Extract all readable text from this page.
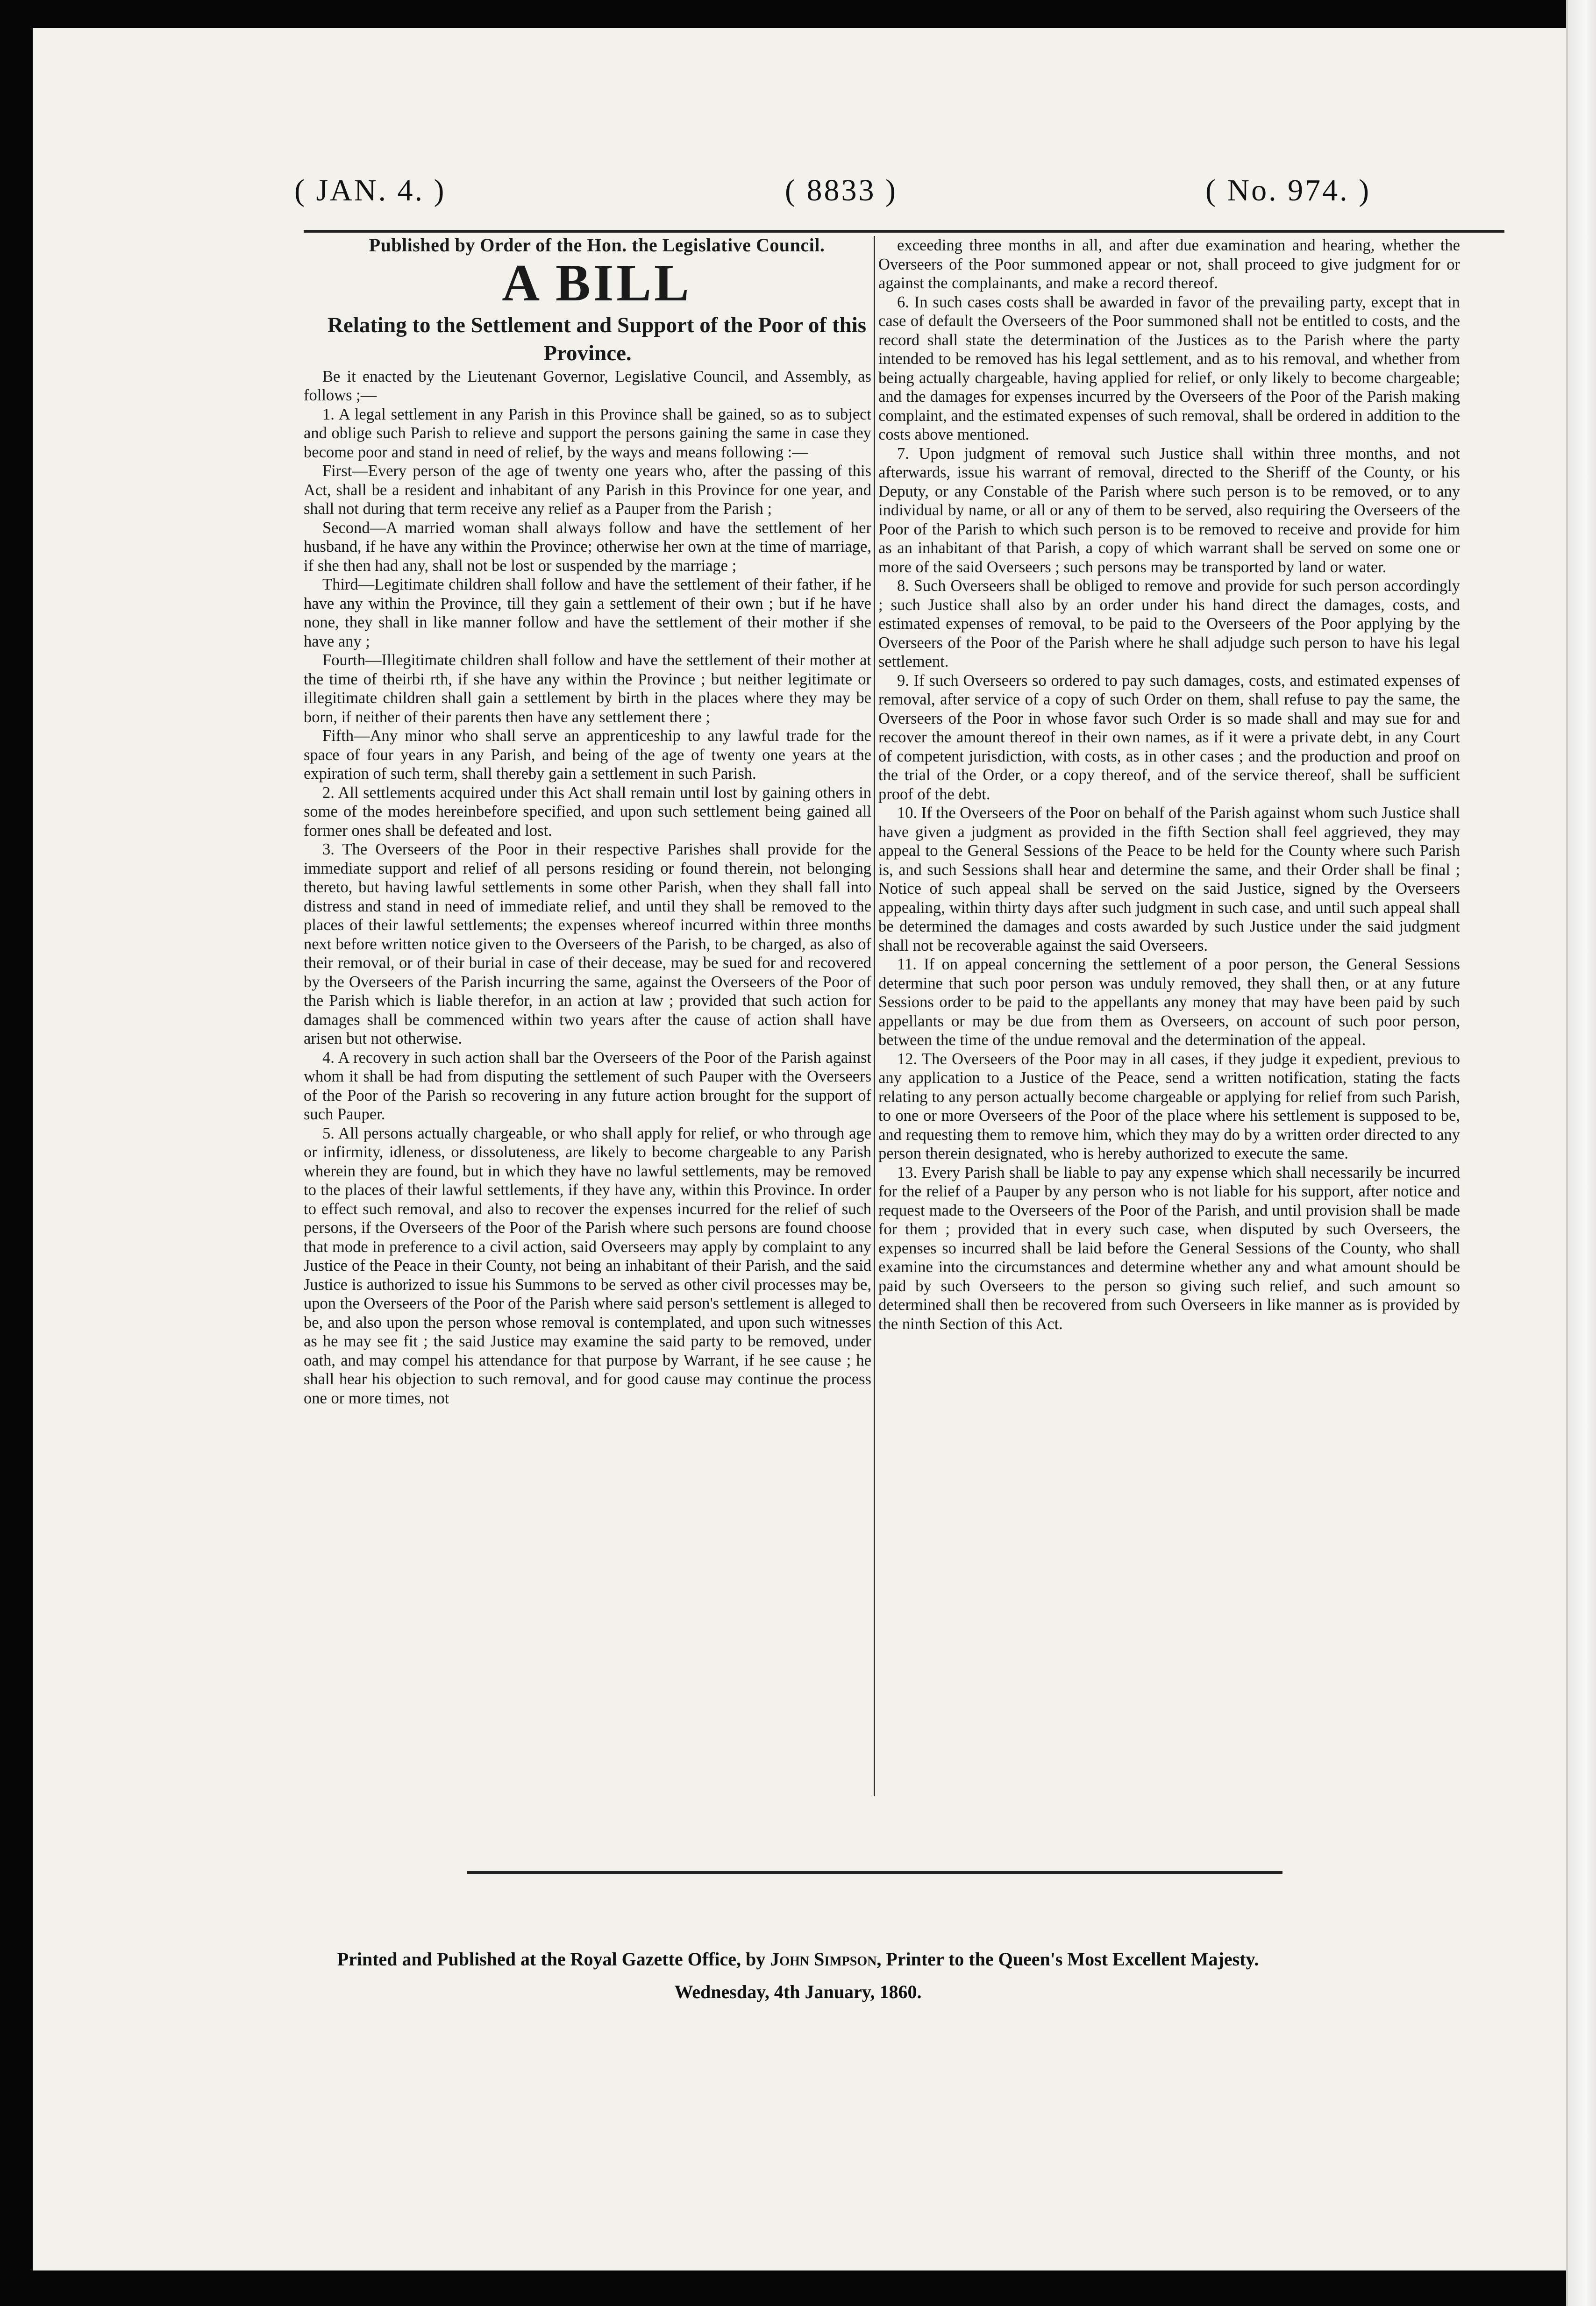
( JAN. 4. )	( 8833 )	( No. 974. )

Published by Order of the Hon. the Legislative Council.

A BILL

Relating to the Settlement and Support of the Poor of this Province.

Be it enacted by the Lieutenant Governor, Legislative Council, and Assembly, as follows ;—

1. A legal settlement in any Parish in this Province shall be gained, so as to subject and oblige such Parish to relieve and support the persons gaining the same in case they become poor and stand in need of relief, by the ways and means following :—

First—Every person of the age of twenty one years who, after the passing of this Act, shall be a resident and inhabitant of any Parish in this Province for one year, and shall not during that term receive any relief as a Pauper from the Parish ;

Second—A married woman shall always follow and have the settlement of her husband, if he have any within the Province; otherwise her own at the time of marriage, if she then had any, shall not be lost or suspended by the marriage ;

Third—Legitimate children shall follow and have the settlement of their father, if he have any within the Province, till they gain a settlement of their own ; but if he have none, they shall in like manner follow and have the settlement of their mother if she have any ;

Fourth—Illegitimate children shall follow and have the settlement of their mother at the time of theirbi rth, if she have any within the Province ; but neither legitimate or illegitimate children shall gain a settlement by birth in the places where they may be born, if neither of their parents then have any settlement there ;

Fifth—Any minor who shall serve an apprenticeship to any lawful trade for the space of four years in any Parish, and being of the age of twenty one years at the expiration of such term, shall thereby gain a settlement in such Parish.

2. All settlements acquired under this Act shall remain until lost by gaining others in some of the modes hereinbefore specified, and upon such settlement being gained all former ones shall be defeated and lost.

3. The Overseers of the Poor in their respective Parishes shall provide for the immediate support and relief of all persons residing or found therein, not belonging thereto, but having lawful settlements in some other Parish, when they shall fall into distress and stand in need of immediate relief, and until they shall be removed to the places of their lawful settlements; the expenses whereof incurred within three months next before written notice given to the Overseers of the Parish, to be charged, as also of their removal, or of their burial in case of their decease, may be sued for and recovered by the Overseers of the Parish incurring the same, against the Overseers of the Poor of the Parish which is liable therefor, in an action at law ; provided that such action for damages shall be commenced within two years after the cause of action shall have arisen but not otherwise.

4. A recovery in such action shall bar the Overseers of the Poor of the Parish against whom it shall be had from disputing the settlement of such Pauper with the Overseers of the Poor of the Parish so recovering in any future action brought for the support of such Pauper.

5. All persons actually chargeable, or who shall apply for relief, or who through age or infirmity, idleness, or dissoluteness, are likely to become chargeable to any Parish wherein they are found, but in which they have no lawful settlements, may be removed to the places of their lawful settlements, if they have any, within this Province. In order to effect such removal, and also to recover the expenses incurred for the relief of such persons, if the Overseers of the Poor of the Parish where such persons are found choose that mode in preference to a civil action, said Overseers may apply by complaint to any Justice of the Peace in their County, not being an inhabitant of their Parish, and the said Justice is authorized to issue his Summons to be served as other civil processes may be, upon the Overseers of the Poor of the Parish where said person's settlement is alleged to be, and also upon the person whose removal is contemplated, and upon such witnesses as he may see fit ; the said Justice may examine the said party to be removed, under oath, and may compel his attendance for that purpose by Warrant, if he see cause ; he shall hear his objection to such removal, and for good cause may continue the process one or more times, not

exceeding three months in all, and after due examination and hearing, whether the Overseers of the Poor summoned appear or not, shall proceed to give judgment for or against the complainants, and make a record thereof.

6. In such cases costs shall be awarded in favor of the prevailing party, except that in case of default the Overseers of the Poor summoned shall not be entitled to costs, and the record shall state the determination of the Justices as to the Parish where the party intended to be removed has his legal settlement, and as to his removal, and whether from being actually chargeable, having applied for relief, or only likely to become chargeable; and the damages for expenses incurred by the Overseers of the Poor of the Parish making complaint, and the estimated expenses of such removal, shall be ordered in addition to the costs above mentioned.

7. Upon judgment of removal such Justice shall within three months, and not afterwards, issue his warrant of removal, directed to the Sheriff of the County, or his Deputy, or any Constable of the Parish where such person is to be removed, or to any individual by name, or all or any of them to be served, also requiring the Overseers of the Poor of the Parish to which such person is to be removed to receive and provide for him as an inhabitant of that Parish, a copy of which warrant shall be served on some one or more of the said Overseers ; such persons may be transported by land or water.

8. Such Overseers shall be obliged to remove and provide for such person accordingly ; such Justice shall also by an order under his hand direct the damages, costs, and estimated expenses of removal, to be paid to the Overseers of the Poor applying by the Overseers of the Poor of the Parish where he shall adjudge such person to have his legal settlement.

9. If such Overseers so ordered to pay such damages, costs, and estimated expenses of removal, after service of a copy of such Order on them, shall refuse to pay the same, the Overseers of the Poor in whose favor such Order is so made shall and may sue for and recover the amount thereof in their own names, as if it were a private debt, in any Court of competent jurisdiction, with costs, as in other cases ; and the production and proof on the trial of the Order, or a copy thereof, and of the service thereof, shall be sufficient proof of the debt.

10. If the Overseers of the Poor on behalf of the Parish against whom such Justice shall have given a judgment as provided in the fifth Section shall feel aggrieved, they may appeal to the General Sessions of the Peace to be held for the County where such Parish is, and such Sessions shall hear and determine the same, and their Order shall be final ; Notice of such appeal shall be served on the said Justice, signed by the Overseers appealing, within thirty days after such judgment in such case, and until such appeal shall be determined the damages and costs awarded by such Justice under the said judgment shall not be recoverable against the said Overseers.

11. If on appeal concerning the settlement of a poor person, the General Sessions determine that such poor person was unduly removed, they shall then, or at any future Sessions order to be paid to the appellants any money that may have been paid by such appellants or may be due from them as Overseers, on account of such poor person, between the time of the undue removal and the determination of the appeal.

12. The Overseers of the Poor may in all cases, if they judge it expedient, previous to any application to a Justice of the Peace, send a written notification, stating the facts relating to any person actually become chargeable or applying for relief from such Parish, to one or more Overseers of the Poor of the place where his settlement is supposed to be, and requesting them to remove him, which they may do by a written order directed to any person therein designated, who is hereby authorized to execute the same.

13. Every Parish shall be liable to pay any expense which shall necessarily be incurred for the relief of a Pauper by any person who is not liable for his support, after notice and request made to the Overseers of the Poor of the Parish, and until provision shall be made for them ; provided that in every such case, when disputed by such Overseers, the expenses so incurred shall be laid before the General Sessions of the County, who shall examine into the circumstances and determine whether any and what amount should be paid by such Overseers to the person so giving such relief, and such amount so determined shall then be recovered from such Overseers in like manner as is provided by the ninth Section of this Act.

Printed and Published at the Royal Gazette Office, by John Simpson, Printer to the Queen's Most Excellent Majesty.
Wednesday, 4th January, 1860.
